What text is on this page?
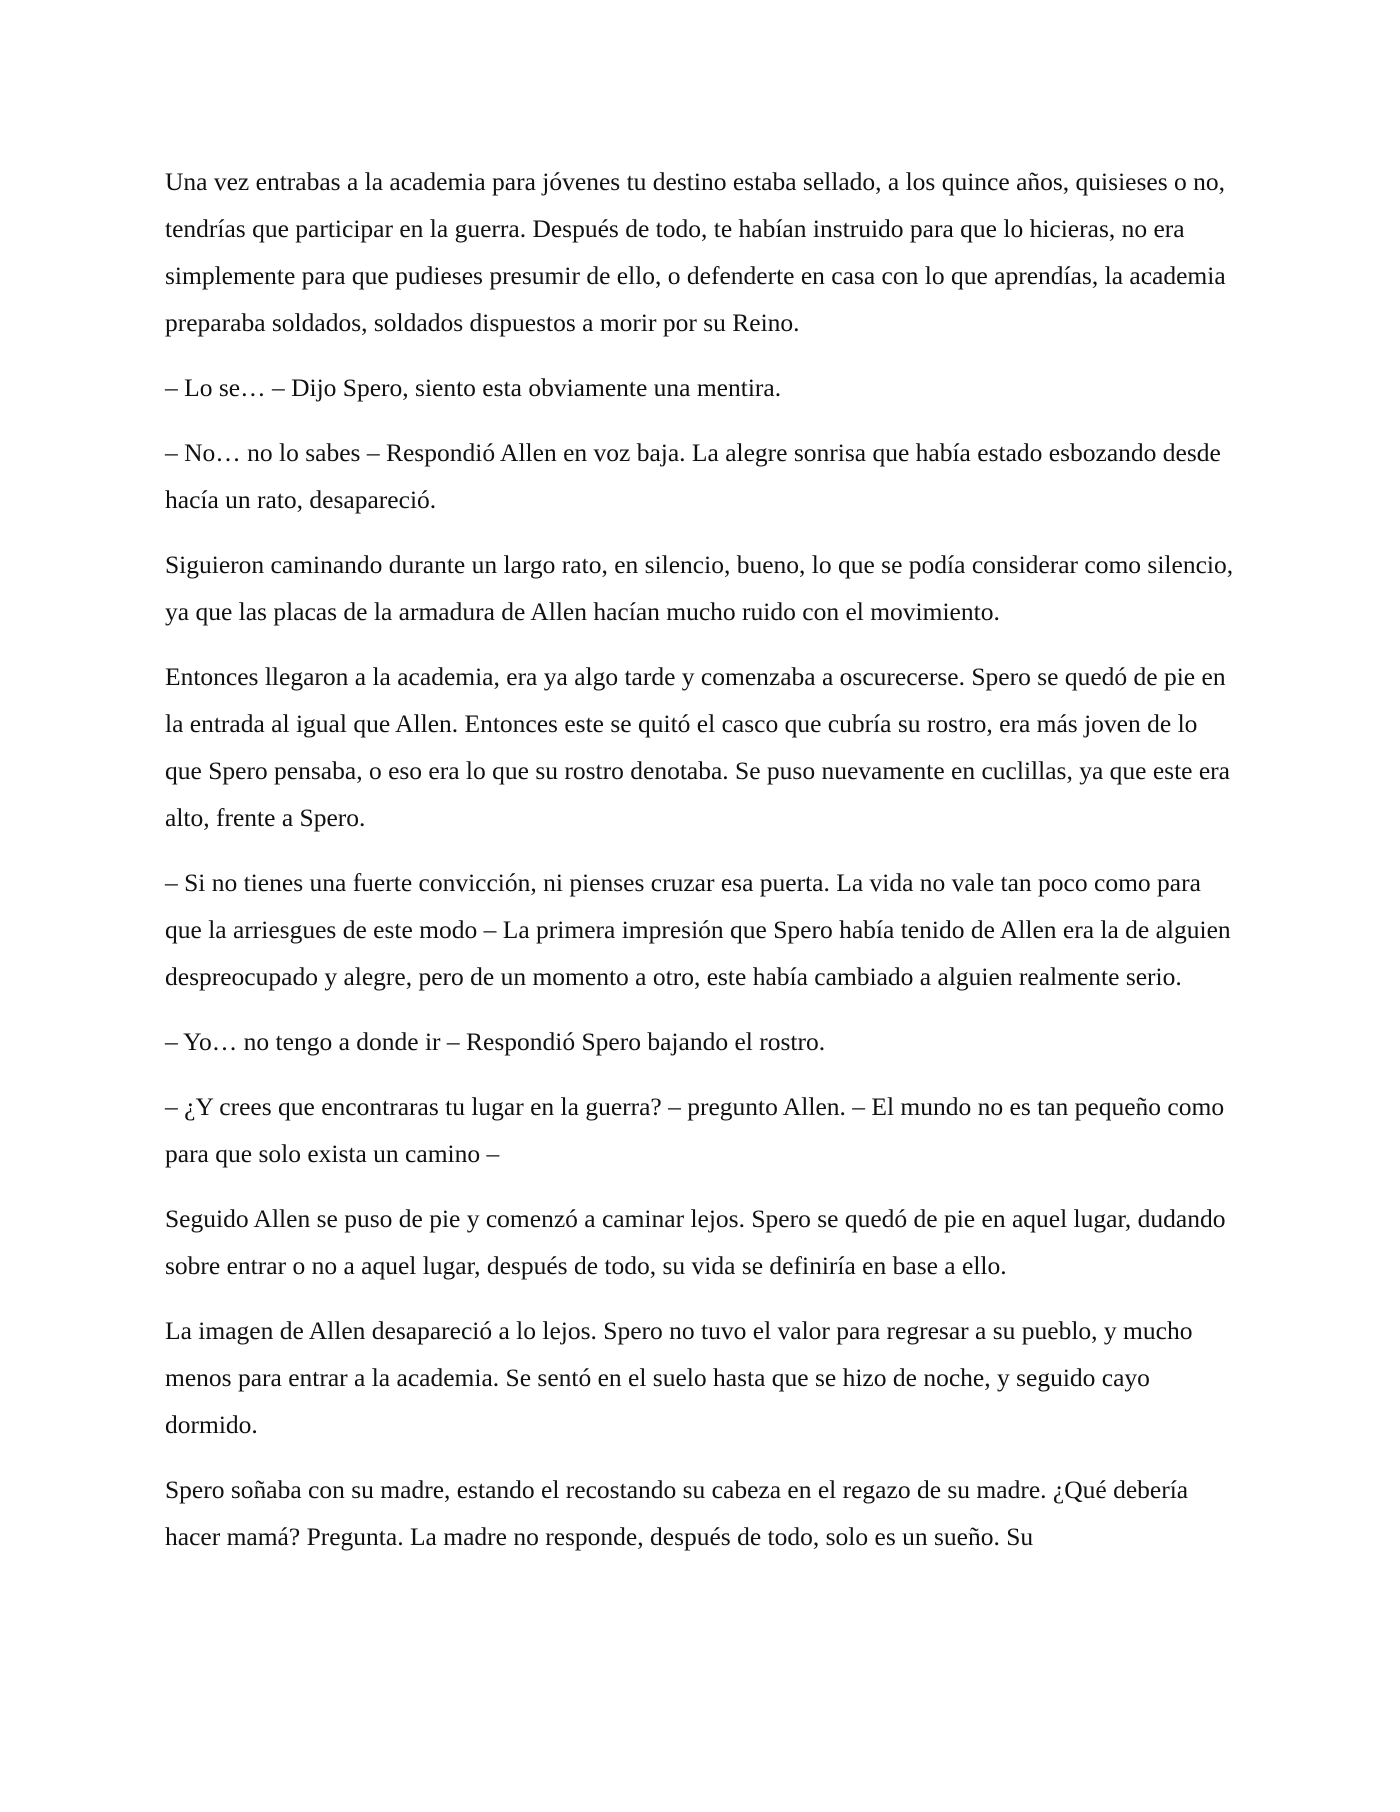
Una vez entrabas a la academia para jóvenes tu destino estaba sellado, a los quince años, quisieses o no, tendrías que participar en la guerra. Después de todo, te habían instruido para que lo hicieras, no era simplemente para que pudieses presumir de ello, o defenderte en casa con lo que aprendías, la academia preparaba soldados, soldados dispuestos a morir por su Reino.

– Lo se… – Dijo Spero, siento esta obviamente una mentira.

– No… no lo sabes – Respondió Allen en voz baja. La alegre sonrisa que había estado esbozando desde hacía un rato, desapareció.

Siguieron caminando durante un largo rato, en silencio, bueno, lo que se podía considerar como silencio, ya que las placas de la armadura de Allen hacían mucho ruido con el movimiento.

Entonces llegaron a la academia, era ya algo tarde y comenzaba a oscurecerse. Spero se quedó de pie en la entrada al igual que Allen. Entonces este se quitó el casco que cubría su rostro, era más joven de lo que Spero pensaba, o eso era lo que su rostro denotaba. Se puso nuevamente en cuclillas, ya que este era alto, frente a Spero.

– Si no tienes una fuerte convicción, ni pienses cruzar esa puerta. La vida no vale tan poco como para que la arriesgues de este modo – La primera impresión que Spero había tenido de Allen era la de alguien despreocupado y alegre, pero de un momento a otro, este había cambiado a alguien realmente serio.

– Yo… no tengo a donde ir – Respondió Spero bajando el rostro.

– ¿Y crees que encontraras tu lugar en la guerra? – pregunto Allen. – El mundo no es tan pequeño como para que solo exista un camino –

Seguido Allen se puso de pie y comenzó a caminar lejos. Spero se quedó de pie en aquel lugar, dudando sobre entrar o no a aquel lugar, después de todo, su vida se definiría en base a ello.

La imagen de Allen desapareció a lo lejos. Spero no tuvo el valor para regresar a su pueblo, y mucho menos para entrar a la academia. Se sentó en el suelo hasta que se hizo de noche, y seguido cayo dormido.

Spero soñaba con su madre, estando el recostando su cabeza en el regazo de su madre. ¿Qué debería hacer mamá? Pregunta. La madre no responde, después de todo, solo es un sueño. Su
